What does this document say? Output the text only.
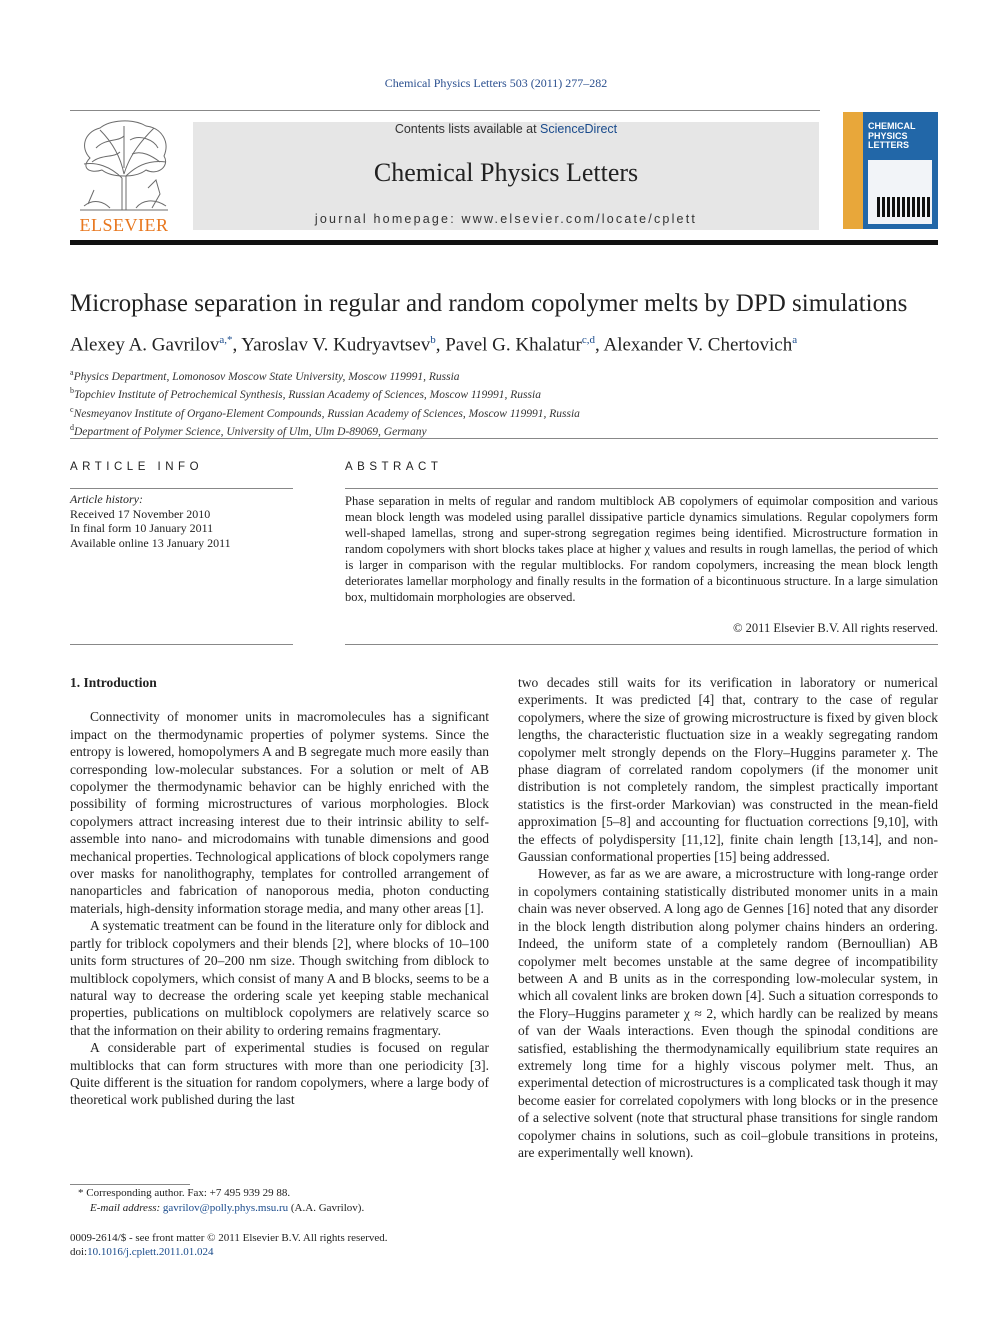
Chemical Physics Letters 503 (2011) 277–282
ELSEVIER
Contents lists available at ScienceDirect
Chemical Physics Letters
journal homepage: www.elsevier.com/locate/cplett
CHEMICAL
PHYSICS
LETTERS
Microphase separation in regular and random copolymer melts by DPD simulations
Alexey A. Gavrilov$^{a,*}$, Yaroslav V. Kudryavtsev$^b$, Pavel G. Khalatur$^{c,d}$, Alexander V. Chertovich$^a$
$^a$Physics Department, Lomonosov Moscow State University, Moscow 119991, Russia
$^b$Topchiev Institute of Petrochemical Synthesis, Russian Academy of Sciences, Moscow 119991, Russia
$^c$Nesmeyanov Institute of Organo-Element Compounds, Russian Academy of Sciences, Moscow 119991, Russia
$^d$Department of Polymer Science, University of Ulm, Ulm D-89069, Germany
ARTICLE INFO	ABSTRACT
Article history:
Received 17 November 2010
In final form 10 January 2011
Available online 13 January 2011
Phase separation in melts of regular and random multiblock AB copolymers of equimolar composition and various mean block length was modeled using parallel dissipative particle dynamics simulations. Regular copolymers form well-shaped lamellas, strong and super-strong segregation regimes being identified. Microstructure formation in random copolymers with short blocks takes place at higher χ values and results in rough lamellas, the period of which is larger in comparison with the regular multiblocks. For random copolymers, increasing the mean block length deteriorates lamellar morphology and finally results in the formation of a bicontinuous structure. In a large simulation box, multidomain morphologies are observed.
© 2011 Elsevier B.V. All rights reserved.

1. Introduction

Connectivity of monomer units in macromolecules has a significant impact on the thermodynamic properties of polymer systems. Since the entropy is lowered, homopolymers A and B segregate much more easily than corresponding low-molecular substances. For a solution or melt of AB copolymer the thermodynamic behavior can be highly enriched with the possibility of forming microstructures of various morphologies. Block copolymers attract increasing interest due to their intrinsic ability to self-assemble into nano- and microdomains with tunable dimensions and good mechanical properties. Technological applications of block copolymers range over masks for nanolithography, templates for controlled arrangement of nanoparticles and fabrication of nanoporous media, photon conducting materials, high-density information storage media, and many other areas [1].

A systematic treatment can be found in the literature only for diblock and partly for triblock copolymers and their blends [2], where blocks of 10–100 units form structures of 20–200 nm size. Though switching from diblock to multiblock copolymers, which consist of many A and B blocks, seems to be a natural way to decrease the ordering scale yet keeping stable mechanical properties, publications on multiblock copolymers are relatively scarce so that the information on their ability to ordering remains fragmentary.

A considerable part of experimental studies is focused on regular multiblocks that can form structures with more than one periodicity [3]. Quite different is the situation for random copolymers, where a large body of theoretical work published during the last

two decades still waits for its verification in laboratory or numerical experiments. It was predicted [4] that, contrary to the case of regular copolymers, where the size of growing microstructure is fixed by given block lengths, the characteristic fluctuation size in a weakly segregating random copolymer melt strongly depends on the Flory–Huggins parameter χ. The phase diagram of correlated random copolymers (if the monomer unit distribution is not completely random, the simplest practically important statistics is the first-order Markovian) was constructed in the mean-field approximation [5–8] and accounting for fluctuation corrections [9,10], with the effects of polydispersity [11,12], finite chain length [13,14], and non-Gaussian conformational properties [15] being addressed.

However, as far as we are aware, a microstructure with long-range order in copolymers containing statistically distributed monomer units in a main chain was never observed. A long ago de Gennes [16] noted that any disorder in the block length distribution along polymer chains hinders an ordering. Indeed, the uniform state of a completely random (Bernoullian) AB copolymer melt becomes unstable at the same degree of incompatibility between A and B units as in the corresponding low-molecular system, in which all covalent links are broken down [4]. Such a situation corresponds to the Flory–Huggins parameter χ ≈ 2, which hardly can be realized by means of van der Waals interactions. Even though the spinodal conditions are satisfied, establishing the thermodynamically equilibrium state requires an extremely long time for a highly viscous polymer melt. Thus, an experimental detection of microstructures is a complicated task though it may become easier for correlated copolymers with long blocks or in the presence of a selective solvent (note that structural phase transitions for single random copolymer chains in solutions, such as coil–globule transitions in proteins, are experimentally well known).

* Corresponding author. Fax: +7 495 939 29 88.
E-mail address: gavrilov@polly.phys.msu.ru (A.A. Gavrilov).
0009-2614/$ - see front matter © 2011 Elsevier B.V. All rights reserved.
doi:10.1016/j.cplett.2011.01.024
